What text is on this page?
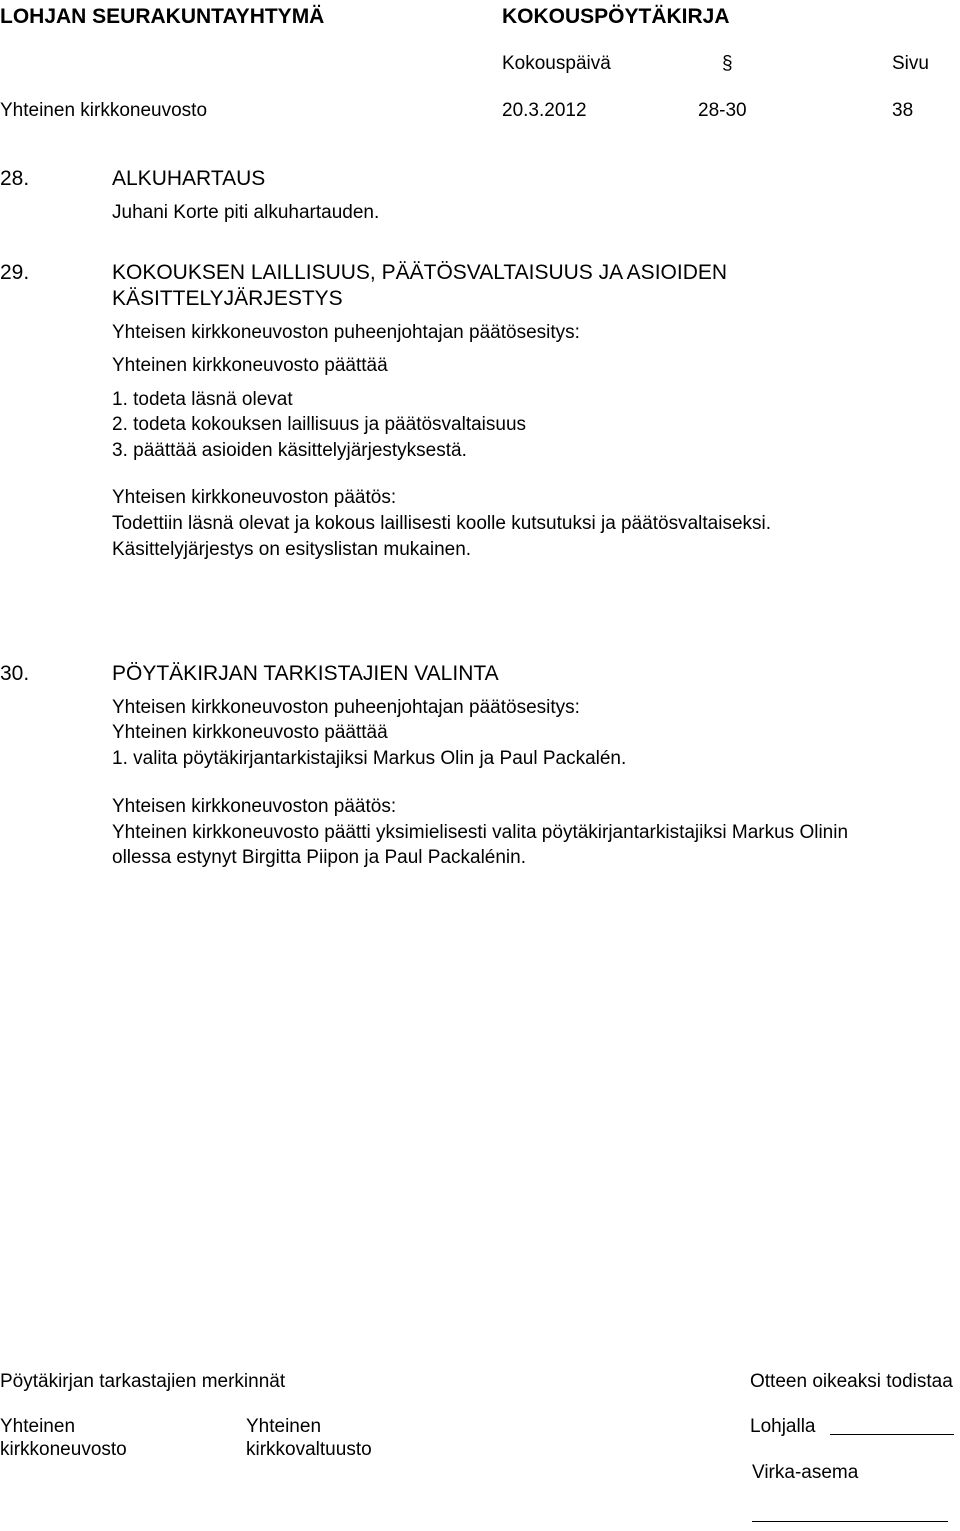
LOHJAN SEURAKUNTAYHTYMÄ	KOKOUSPÖYTÄKIRJA
Kokouspäivä	§	Sivu
Yhteinen kirkkoneuvosto	20.3.2012	28-30	38
28.	ALKUHARTAUS
Juhani Korte piti alkuhartauden.
29.	KOKOUKSEN LAILLISUUS, PÄÄTÖSVALTAISUUS JA ASIOIDEN
KÄSITTELYJÄRJESTYS
Yhteisen kirkkoneuvoston puheenjohtajan päätösesitys:
Yhteinen kirkkoneuvosto päättää
1. todeta läsnä olevat
2. todeta kokouksen laillisuus ja päätösvaltaisuus
3. päättää asioiden käsittelyjärjestyksestä.
Yhteisen kirkkoneuvoston päätös:
Todettiin läsnä olevat ja kokous laillisesti koolle kutsutuksi ja päätösvaltaiseksi.
Käsittelyjärjestys on esityslistan mukainen.
30.	PÖYTÄKIRJAN TARKISTAJIEN VALINTA
Yhteisen kirkkoneuvoston puheenjohtajan päätösesitys:
Yhteinen kirkkoneuvosto päättää
1. valita pöytäkirjantarkistajiksi Markus Olin ja Paul Packalén.
Yhteisen kirkkoneuvoston päätös:
Yhteinen kirkkoneuvosto päätti yksimielisesti valita pöytäkirjantarkistajiksi Markus Olinin
ollessa estynyt Birgitta Piipon ja Paul Packalénin.
Pöytäkirjan tarkastajien merkinnät	Otteen oikeaksi todistaa
Yhteinen
kirkkoneuvosto
Yhteinen
kirkkovaltuusto
Lohjalla
Virka-asema
